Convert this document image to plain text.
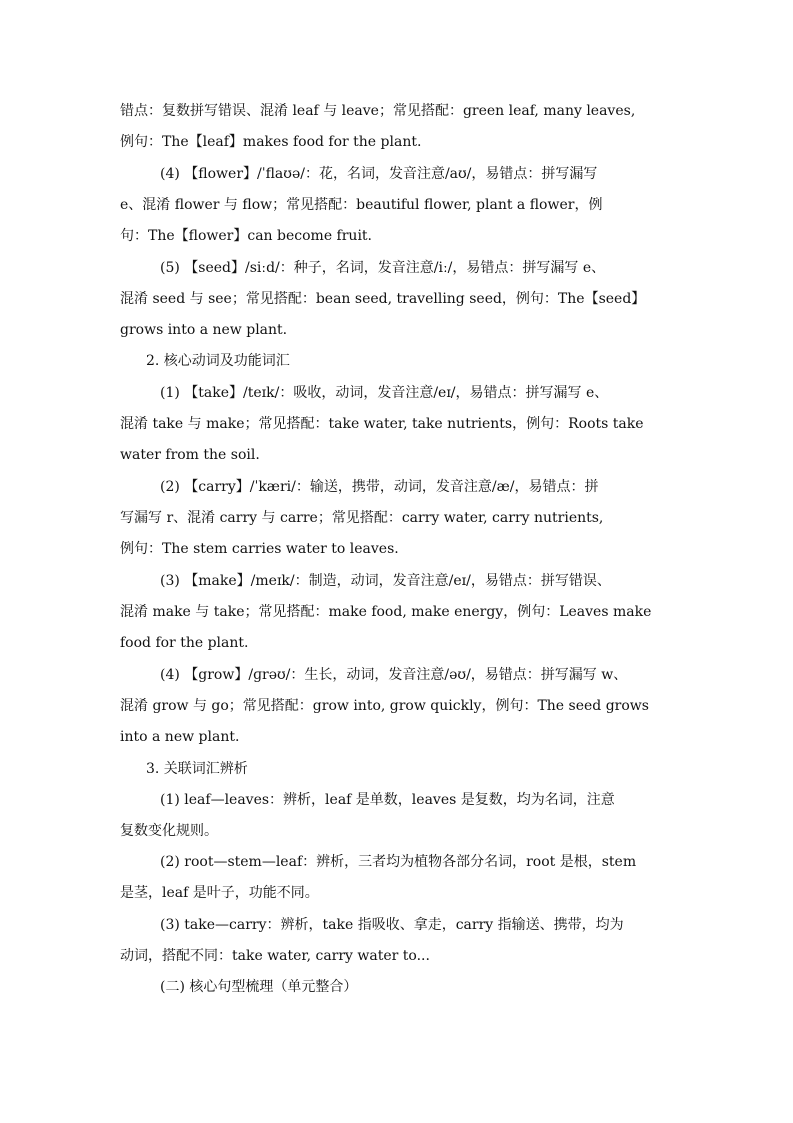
错点：复数拼写错误、混淆 leaf 与 leave；常见搭配：green leaf, many leaves,
例句：The【leaf】makes food for the plant.
(4) 【flower】/ˈflaʊə/：花，名词，发音注意/aʊ/，易错点：拼写漏写
e、混淆 flower 与 flow；常见搭配：beautiful flower, plant a flower，例
句：The【flower】can become fruit.
(5) 【seed】/siːd/：种子，名词，发音注意/iː/，易错点：拼写漏写 e、
混淆 seed 与 see；常见搭配：bean seed, travelling seed，例句：The【seed】
grows into a new plant.
2. 核心动词及功能词汇
(1) 【take】/teɪk/：吸收，动词，发音注意/eɪ/，易错点：拼写漏写 e、
混淆 take 与 make；常见搭配：take water, take nutrients，例句：Roots take
water from the soil.
(2) 【carry】/ˈkæri/：输送，携带，动词，发音注意/æ/，易错点：拼
写漏写 r、混淆 carry 与 carre；常见搭配：carry water, carry nutrients,
例句：The stem carries water to leaves.
(3) 【make】/meɪk/：制造，动词，发音注意/eɪ/，易错点：拼写错误、
混淆 make 与 take；常见搭配：make food, make energy，例句：Leaves make
food for the plant.
(4) 【grow】/ɡrəʊ/：生长，动词，发音注意/əʊ/，易错点：拼写漏写 w、
混淆 grow 与 go；常见搭配：grow into, grow quickly，例句：The seed grows
into a new plant.
3. 关联词汇辨析
(1) leaf—leaves：辨析，leaf 是单数，leaves 是复数，均为名词，注意
复数变化规则。
(2) root—stem—leaf：辨析，三者均为植物各部分名词，root 是根，stem
是茎，leaf 是叶子，功能不同。
(3) take—carry：辨析，take 指吸收、拿走，carry 指输送、携带，均为
动词，搭配不同：take water, carry water to...
(二) 核心句型梳理（单元整合）
